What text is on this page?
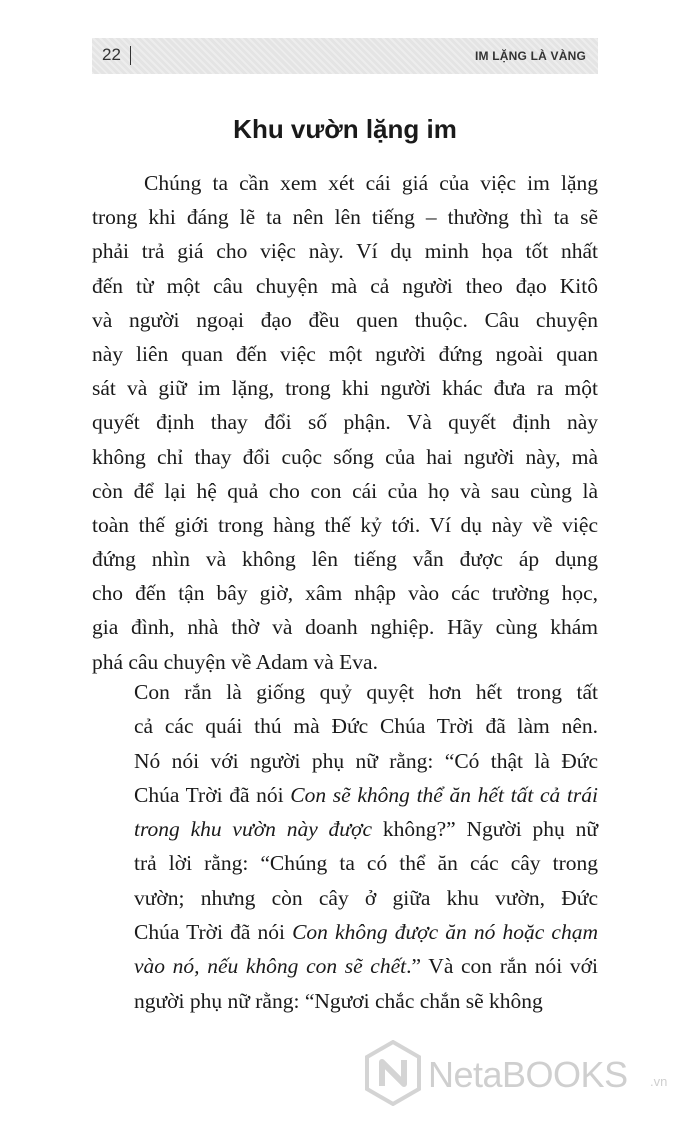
22	IM LẶNG LÀ VÀNG
Khu vườn lặng im
Chúng ta cần xem xét cái giá của việc im lặng
trong khi đáng lẽ ta nên lên tiếng – thường thì ta sẽ
phải trả giá cho việc này. Ví dụ minh họa tốt nhất
đến từ một câu chuyện mà cả người theo đạo Kitô
và người ngoại đạo đều quen thuộc. Câu chuyện
này liên quan đến việc một người đứng ngoài quan
sát và giữ im lặng, trong khi người khác đưa ra một
quyết định thay đổi số phận. Và quyết định này
không chỉ thay đổi cuộc sống của hai người này, mà
còn để lại hệ quả cho con cái của họ và sau cùng là
toàn thế giới trong hàng thế kỷ tới. Ví dụ này về việc
đứng nhìn và không lên tiếng vẫn được áp dụng
cho đến tận bây giờ, xâm nhập vào các trường học,
gia đình, nhà thờ và doanh nghiệp. Hãy cùng khám
phá câu chuyện về Adam và Eva.
Con rắn là giống quỷ quyệt hơn hết trong tất
cả các quái thú mà Đức Chúa Trời đã làm nên.
Nó nói với người phụ nữ rằng: “Có thật là Đức
Chúa Trời đã nói Con sẽ không thể ăn hết tất cả trái
trong khu vườn này được không?” Người phụ nữ
trả lời rằng: “Chúng ta có thể ăn các cây trong
vườn; nhưng còn cây ở giữa khu vườn, Đức
Chúa Trời đã nói Con không được ăn nó hoặc chạm
vào nó, nếu không con sẽ chết.” Và con rắn nói với
người phụ nữ rằng: “Ngươi chắc chắn sẽ không
NetaBOOKS .vn
